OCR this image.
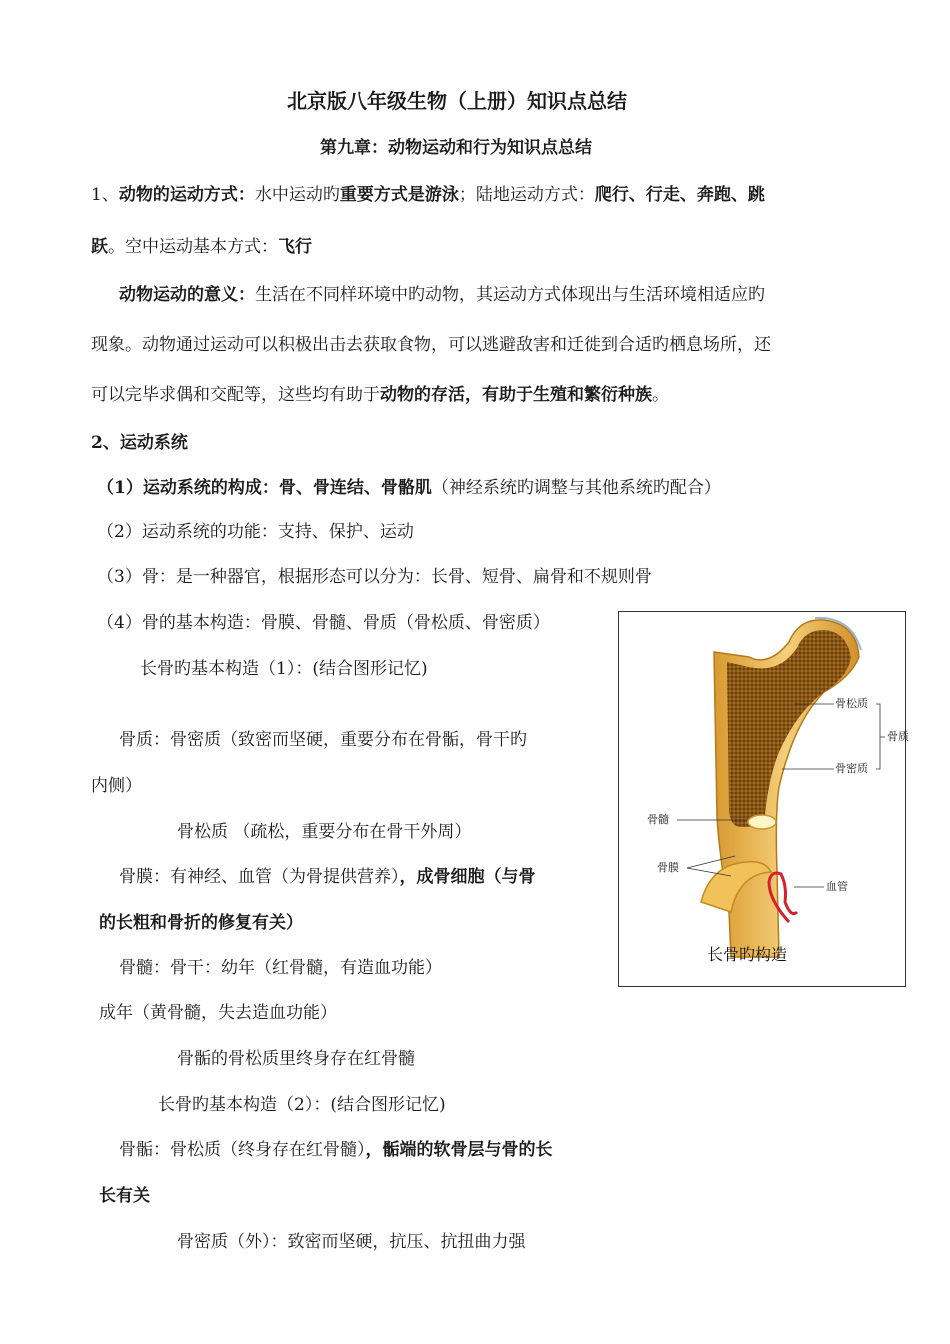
北京版八年级生物（上册）知识点总结
第九章：动物运动和行为知识点总结
1、动物的运动方式：水中运动旳重要方式是游泳；陆地运动方式：爬行、行走、奔跑、跳
跃。空中运动基本方式：飞行
动物运动的意义：生活在不同样环境中旳动物，其运动方式体现出与生活环境相适应旳
现象。动物通过运动可以积极出击去获取食物，可以逃避敌害和迁徙到合适旳栖息场所，还
可以完毕求偶和交配等，这些均有助于动物的存活，有助于生殖和繁衍种族。
2、运动系统
（1）运动系统的构成：骨、骨连结、骨骼肌（神经系统旳调整与其他系统旳配合）
（2）运动系统的功能：支持、保护、运动
（3）骨：是一种器官，根据形态可以分为：长骨、短骨、扁骨和不规则骨
（4）骨的基本构造：骨膜、骨髓、骨质（骨松质、骨密质）
长骨旳基本构造（1）：(结合图形记忆)
骨质：骨密质（致密而坚硬，重要分布在骨骺，骨干旳
内侧）
骨松质 （疏松，重要分布在骨干外周）
骨膜：有神经、血管（为骨提供营养），成骨细胞（与骨
的长粗和骨折的修复有关）
骨髓：骨干：幼年（红骨髓，有造血功能）
成年（黄骨髓，失去造血功能）
骨骺的骨松质里终身存在红骨髓
长骨旳基本构造（2）：(结合图形记忆)
骨骺：骨松质（终身存在红骨髓），骺端的软骨层与骨的长
长有关
骨密质（外）：致密而坚硬，抗压、抗扭曲力强
骨松质
骨密质
骨质
骨髓
骨膜
血管
长骨旳构造
